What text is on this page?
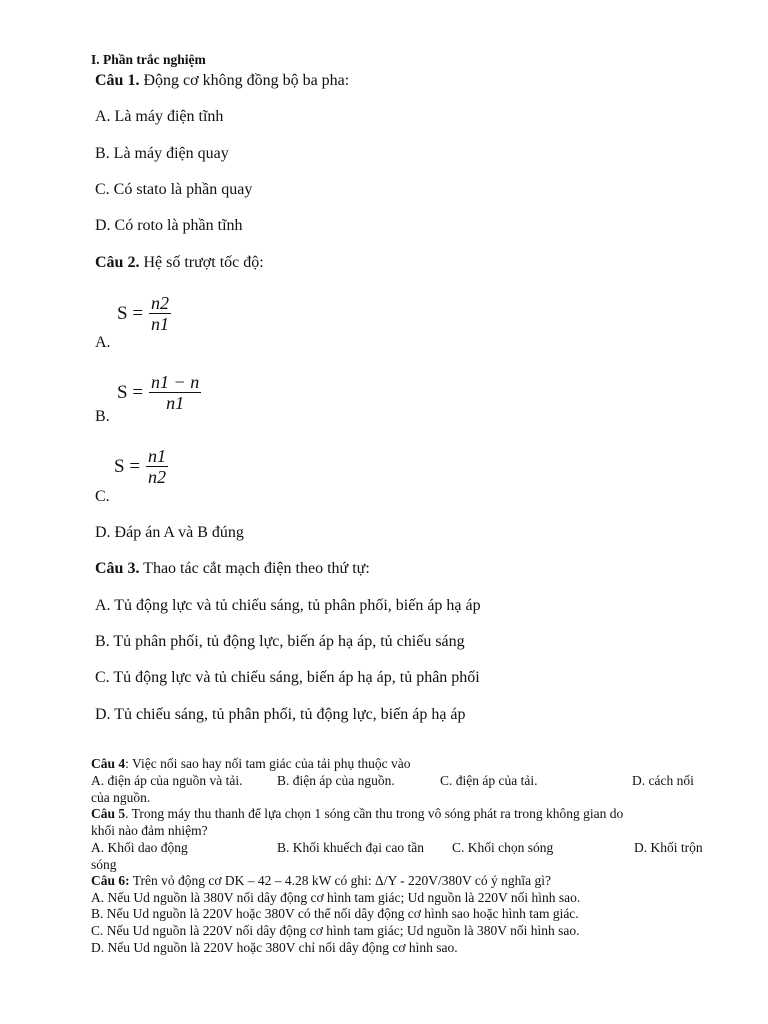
I. Phần trắc nghiệm
Câu 1. Động cơ không đồng bộ ba pha:
A. Là máy điện tĩnh
B. Là máy điện quay
C. Có stato là phần quay
D. Có roto là phần tĩnh
Câu 2. Hệ số trượt tốc độ:
$S = \frac{n2}{n1}$
A.
$S = \frac{n1 - n}{n1}$
B.
$S = \frac{n1}{n2}$
C.
D. Đáp án A và B đúng
Câu 3. Thao tác cắt mạch điện theo thứ tự:
A. Tủ động lực và tủ chiếu sáng, tủ phân phối, biến áp hạ áp
B. Tủ phân phối, tủ động lực, biến áp hạ áp, tủ chiếu sáng
C. Tủ động lực và tủ chiếu sáng, biến áp hạ áp, tủ phân phối
D. Tủ chiếu sáng, tủ phân phối, tủ động lực, biến áp hạ áp
Câu 4: Việc nối sao hay nối tam giác của tải phụ thuộc vào
A. điện áp của nguồn và tải.	B. điện áp của nguồn.	C. điện áp của tải.	D. cách nối
của nguồn.
Câu 5. Trong máy thu thanh để lựa chọn 1 sóng cần thu trong vô sóng phát ra trong không gian do
khối nào đảm nhiệm?
A. Khối dao động	B. Khối khuếch đại cao tần C. Khối chọn sóng	D. Khối trộn
sóng
Câu 6: Trên vỏ động cơ DK – 42 – 4.28 kW có ghi: Δ/Y - 220V/380V có ý nghĩa gì?
A. Nếu Ud nguồn là 380V nối dây động cơ hình tam giác; Ud nguồn là 220V nối hình sao.
B. Nếu Ud nguồn là 220V hoặc 380V có thể nối dây động cơ hình sao hoặc hình tam giác.
C. Nếu Ud nguồn là 220V nối dây động cơ hình tam giác; Ud nguồn là 380V nối hình sao.
D. Nếu Ud nguồn là 220V hoặc 380V chỉ nối dây động cơ hình sao.
